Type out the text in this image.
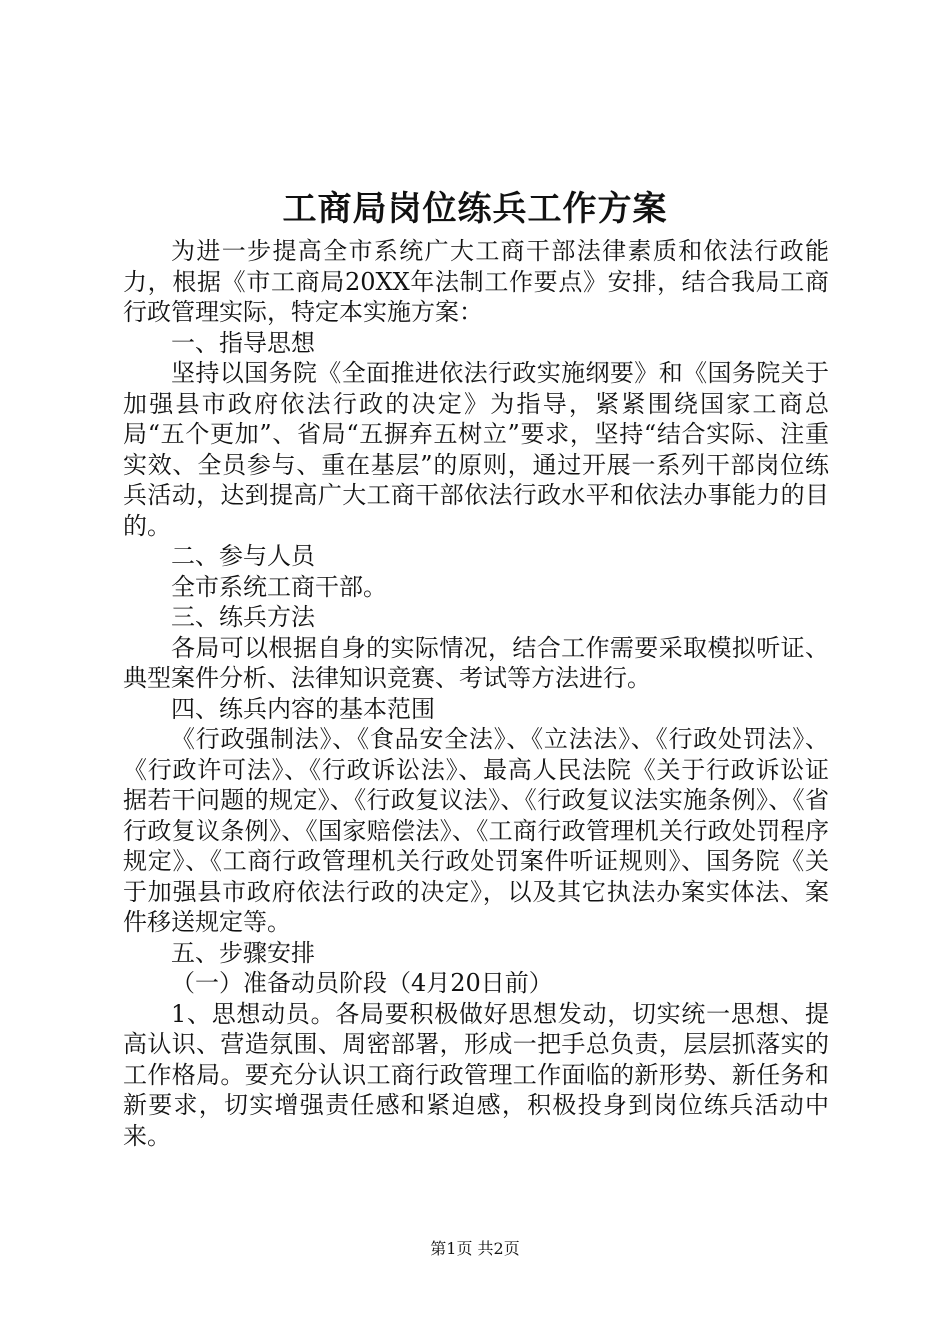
工商局岗位练兵工作方案

为进一步提高全市系统广大工商干部法律素质和依法行政能力，根据《市工商局20XX年法制工作要点》安排，结合我局工商行政管理实际，特定本实施方案：

一、指导思想

坚持以国务院《全面推进依法行政实施纲要》和《国务院关于加强县市政府依法行政的决定》为指导，紧紧围绕国家工商总局“五个更加”、省局“五摒弃五树立”要求，坚持“结合实际、注重实效、全员参与、重在基层”的原则，通过开展一系列干部岗位练兵活动，达到提高广大工商干部依法行政水平和依法办事能力的目的。

二、参与人员

全市系统工商干部。

三、练兵方法

各局可以根据自身的实际情况，结合工作需要采取模拟听证、典型案件分析、法律知识竞赛、考试等方法进行。

四、练兵内容的基本范围

《行政强制法》、《食品安全法》、《立法法》、《行政处罚法》、《行政许可法》、《行政诉讼法》、最高人民法院《关于行政诉讼证据若干问题的规定》、《行政复议法》、《行政复议法实施条例》、《省行政复议条例》、《国家赔偿法》、《工商行政管理机关行政处罚程序规定》、《工商行政管理机关行政处罚案件听证规则》、国务院《关于加强县市政府依法行政的决定》，以及其它执法办案实体法、案件移送规定等。

五、步骤安排

（一）准备动员阶段（4月20日前）

1、思想动员。各局要积极做好思想发动，切实统一思想、提高认识、营造氛围、周密部署，形成一把手总负责，层层抓落实的工作格局。要充分认识工商行政管理工作面临的新形势、新任务和新要求，切实增强责任感和紧迫感，积极投身到岗位练兵活动中来。

第1页 共2页
